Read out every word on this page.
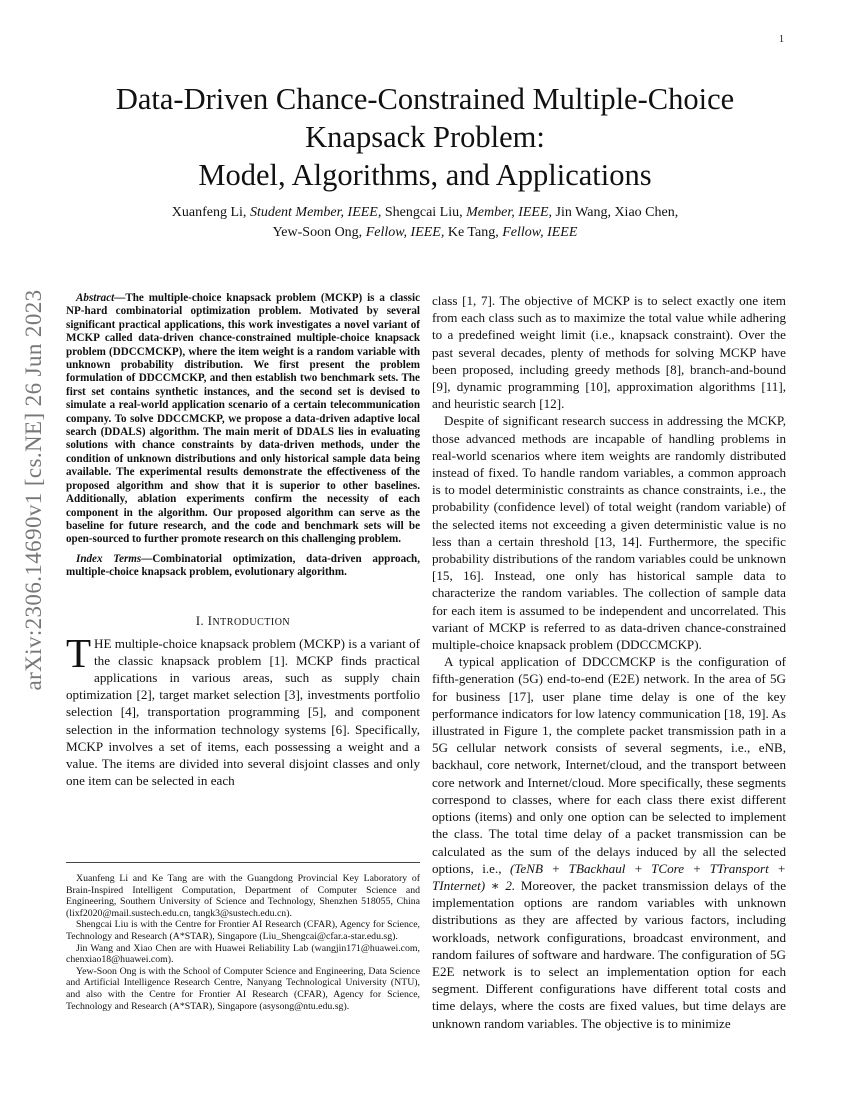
1
arXiv:2306.14690v1 [cs.NE] 26 Jun 2023
Data-Driven Chance-Constrained Multiple-Choice
Knapsack Problem:
Model, Algorithms, and Applications
Xuanfeng Li, Student Member, IEEE, Shengcai Liu, Member, IEEE, Jin Wang, Xiao Chen,
Yew-Soon Ong, Fellow, IEEE, Ke Tang, Fellow, IEEE

Abstract—The multiple-choice knapsack problem (MCKP) is a classic NP-hard combinatorial optimization problem. Motivated by several significant practical applications, this work investigates a novel variant of MCKP called data-driven chance-constrained multiple-choice knapsack problem (DDCCMCKP), where the item weight is a random variable with unknown probability distribution. We first present the problem formulation of DDCCMCKP, and then establish two benchmark sets. The first set contains synthetic instances, and the second set is devised to simulate a real-world application scenario of a certain telecommunication company. To solve DDCCMCKP, we propose a data-driven adaptive local search (DDALS) algorithm. The main merit of DDALS lies in evaluating solutions with chance constraints by data-driven methods, under the condition of unknown distributions and only historical sample data being available. The experimental results demonstrate the effectiveness of the proposed algorithm and show that it is superior to other baselines. Additionally, ablation experiments confirm the necessity of each component in the algorithm. Our proposed algorithm can serve as the baseline for future research, and the code and benchmark sets will be open-sourced to further promote research on this challenging problem.

Index Terms—Combinatorial optimization, data-driven approach, multiple-choice knapsack problem, evolutionary algorithm.

I. INTRODUCTION

THE multiple-choice knapsack problem (MCKP) is a variant of the classic knapsack problem [1]. MCKP finds practical applications in various areas, such as supply chain optimization [2], target market selection [3], investments portfolio selection [4], transportation programming [5], and component selection in the information technology systems [6]. Specifically, MCKP involves a set of items, each possessing a weight and a value. The items are divided into several disjoint classes and only one item can be selected in each

Xuanfeng Li and Ke Tang are with the Guangdong Provincial Key Laboratory of Brain-Inspired Intelligent Computation, Department of Computer Science and Engineering, Southern University of Science and Technology, Shenzhen 518055, China (lixf2020@mail.sustech.edu.cn, tangk3@sustech.edu.cn).

Shengcai Liu is with the Centre for Frontier AI Research (CFAR), Agency for Science, Technology and Research (A*STAR), Singapore (Liu_Shengcai@cfar.a-star.edu.sg).

Jin Wang and Xiao Chen are with Huawei Reliability Lab (wangjin171@huawei.com, chenxiao18@huawei.com).

Yew-Soon Ong is with the School of Computer Science and Engineering, Data Science and Artificial Intelligence Research Centre, Nanyang Technological University (NTU), and also with the Centre for Frontier AI Research (CFAR), Agency for Science, Technology and Research (A*STAR), Singapore (asysong@ntu.edu.sg).

class [1, 7]. The objective of MCKP is to select exactly one item from each class such as to maximize the total value while adhering to a predefined weight limit (i.e., knapsack constraint). Over the past several decades, plenty of methods for solving MCKP have been proposed, including greedy methods [8], branch-and-bound [9], dynamic programming [10], approximation algorithms [11], and heuristic search [12].

Despite of significant research success in addressing the MCKP, those advanced methods are incapable of handling problems in real-world scenarios where item weights are randomly distributed instead of fixed. To handle random variables, a common approach is to model deterministic constraints as chance constraints, i.e., the probability (confidence level) of total weight (random variable) of the selected items not exceeding a given deterministic value is no less than a certain threshold [13, 14]. Furthermore, the specific probability distributions of the random variables could be unknown [15, 16]. Instead, one only has historical sample data to characterize the random variables. The collection of sample data for each item is assumed to be independent and uncorrelated. This variant of MCKP is referred to as data-driven chance-constrained multiple-choice knapsack problem (DDCCMCKP).

A typical application of DDCCMCKP is the configuration of fifth-generation (5G) end-to-end (E2E) network. In the area of 5G for business [17], user plane time delay is one of the key performance indicators for low latency communication [18, 19]. As illustrated in Figure 1, the complete packet transmission path in a 5G cellular network consists of several segments, i.e., eNB, backhaul, core network, Internet/cloud, and the transport between core network and Internet/cloud. More specifically, these segments correspond to classes, where for each class there exist different options (items) and only one option can be selected to implement the class. The total time delay of a packet transmission can be calculated as the sum of the delays induced by all the selected options, i.e., (TeNB + TBackhaul + TCore + TTransport + TInternet) ∗ 2. Moreover, the packet transmission delays of the implementation options are random variables with unknown distributions as they are affected by various factors, including workloads, network configurations, broadcast environment, and random failures of software and hardware. The configuration of 5G E2E network is to select an implementation option for each segment. Different configurations have different total costs and time delays, where the costs are fixed values, but time delays are unknown random variables. The objective is to minimize
